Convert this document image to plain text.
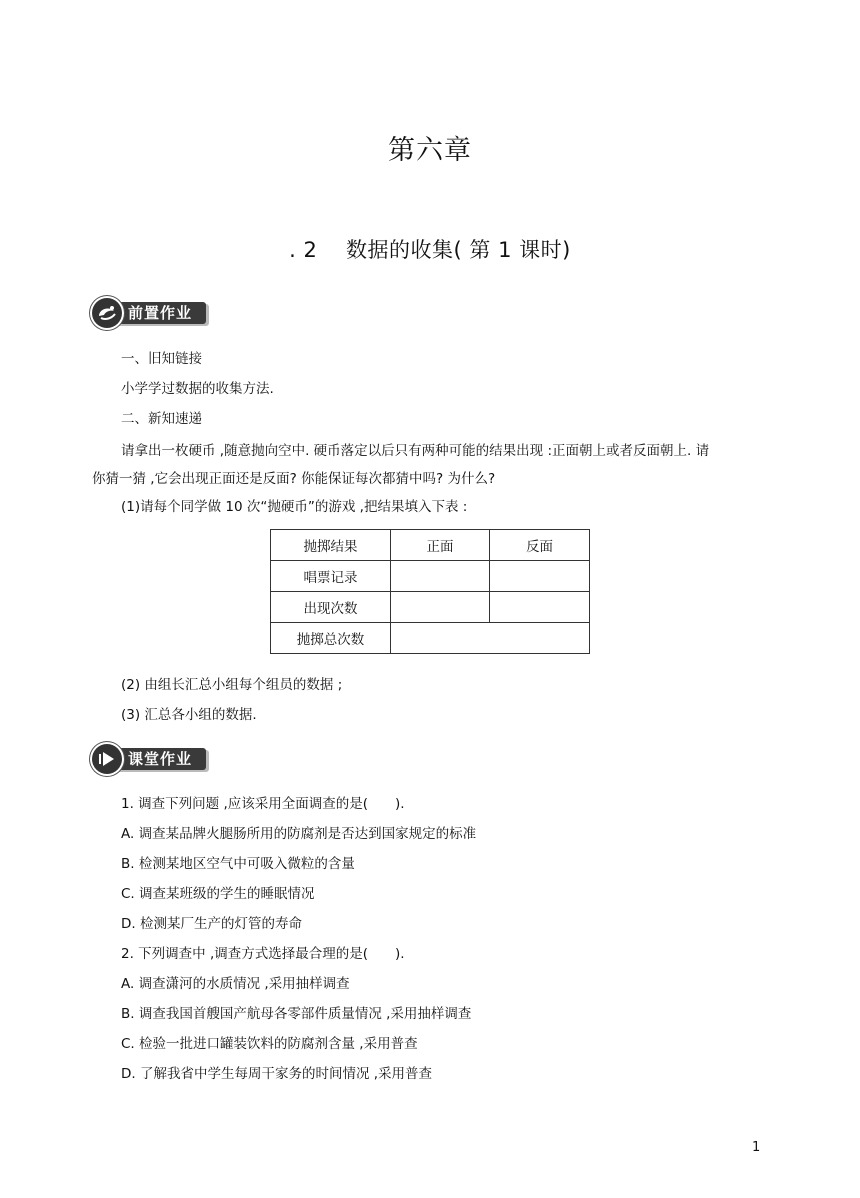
第六章
. 2　 数据的收集( 第 1 课时)
前置作业
一、旧知链接
小学学过数据的收集方法.
二、新知速递
请拿出一枚硬币 ,随意抛向空中. 硬币落定以后只有两种可能的结果出现 :正面朝上或者反面朝上. 请
你猜一猜 ,它会出现正面还是反面? 你能保证每次都猜中吗? 为什么?
(1)请每个同学做 10 次“抛硬币”的游戏 ,把结果填入下表 :
抛掷结果	正面	反面
唱票记录		
出现次数		
抛掷总次数		
(2) 由组长汇总小组每个组员的数据 ;
(3) 汇总各小组的数据.
课堂作业
1. 调查下列问题 ,应该采用全面调查的是(　　).
A. 调查某品牌火腿肠所用的防腐剂是否达到国家规定的标准
B. 检测某地区空气中可吸入微粒的含量
C. 调查某班级的学生的睡眠情况
D. 检测某厂生产的灯管的寿命
2. 下列调查中 ,调查方式选择最合理的是(　　).
A. 调查潇河的水质情况 ,采用抽样调查
B. 调查我国首艘国产航母各零部件质量情况 ,采用抽样调查
C. 检验一批进口罐装饮料的防腐剂含量 ,采用普查
D. 了解我省中学生每周干家务的时间情况 ,采用普查
1
